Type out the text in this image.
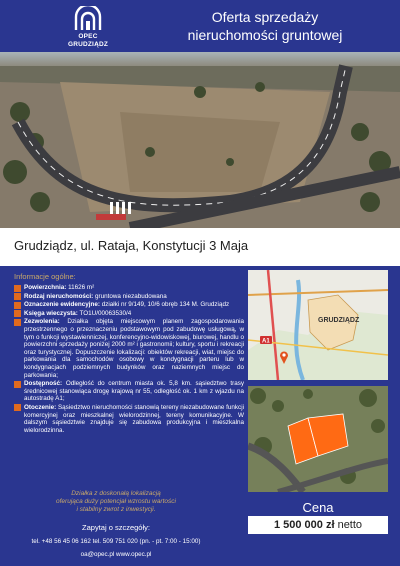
OPEC
GRUDZIĄDZ
Oferta sprzedaży
nieruchomości gruntowej
Grudziądz, ul. Rataja, Konstytucji 3 Maja
Informacje ogólne:
Powierzchnia: 11626 m²
Rodzaj nieruchomości: gruntowa niezabudowana
Oznaczenie ewidencyjne: działki nr 9/149, 10/6 obręb 134 M. Grudziądz
Księga wieczysta: TO1U/00063530/4
Zezwolenia: Działka objęta miejscowym planem zagospodarowania przestrzennego o przeznaczeniu podstawowym pod zabudowę usługową, w tym o funkcji wystawienniczej, konferencyjno-widowiskowej, biurowej, handlu o powierzchni sprzedaży poniżej 2000 m² i gastronomii; kultury, sportu i rekreacji oraz turystycznej. Dopuszczenie lokalizacji: obiektów rekreacji, wiat, miejsc do parkowania dla samochodów osobowy w kondygnacji parteru lub w kondygnacjach podziemnych budynków oraz naziemnych miejsc do parkowania;
Dostępność: Odległość do centrum miasta ok. 5,8 km. sąsiedztwo trasy średnicowej stanowiąca drogę krajową nr 55, odległość ok. 1 km z wjazdu na autostradę A1;
Otoczenie: Sąsiedztwo nieruchomości stanowią tereny niezabudowane funkcji komercyjnej oraz mieszkalnej wielorodzinnej, tereny komunikacyjne. W dalszym sąsiedztwie znajduje się zabudowa produkcyjna i mieszkalna wielorodzinna.
GRUDZIĄDZ
A1
Działka z doskonałą lokalizacją
oferująca duży potencjał wzrostu wartości
i stabilny zwrot z inwestycji.
Zapytaj o szczegóły:
tel. +48 56 45 06 162 tel. 509 751 020 (pn. - pt. 7:00 - 15:00)
oa@opec.pl www.opec.pl
Cena
1 500 000 zł netto
